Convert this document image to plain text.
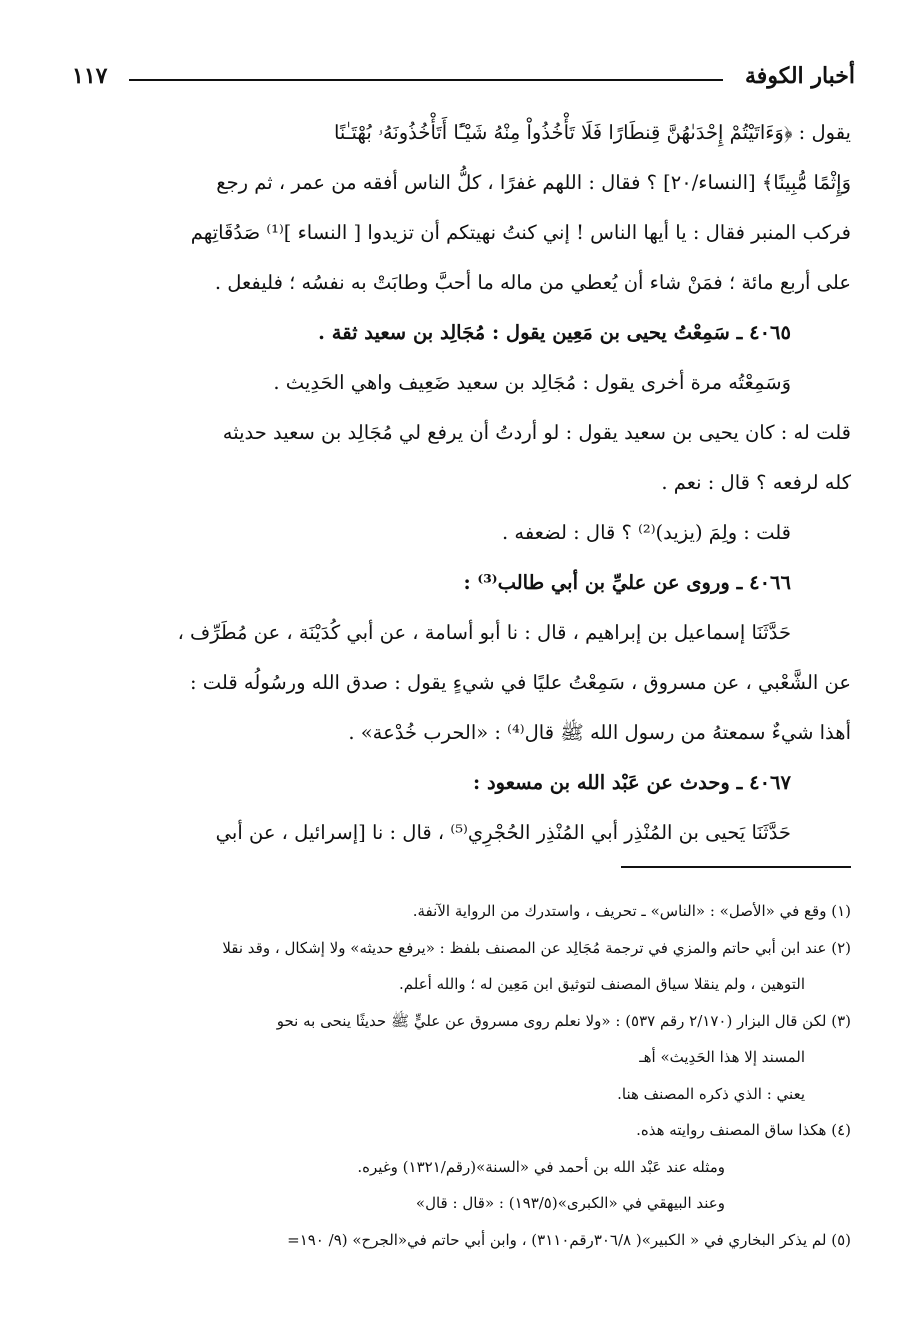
أخبار الكوفة
١١٧

يقول : ﴿وَءَاتَيْتُمْ إِحْدَىٰهُنَّ قِنطَارًا فَلَا تَأْخُذُواْ مِنْهُ شَيْـًٔا أَتَأْخُذُونَهُۥ بُهْتَـٰنًا

وَإِثْمًا مُّبِينًا﴾ [النساء/٢٠] ؟ فقال : اللهم غفرًا ، كلُّ الناس أفقه من عمر ، ثم رجع

فركب المنبر فقال : يا أيها الناس ! إني كنتُ نهيتكم أن تزيدوا [ النساء ]⁽¹⁾ صَدُقَاتِهم

على أربع مائة ؛ فمَنْ شاء أن يُعطي من ماله ما أحبَّ وطابَتْ به نفسُه ؛ فليفعل .

٤٠٦٥ ـ سَمِعْتُ يحيى بن مَعِين يقول : مُجَالِد بن سعيد ثقة .

وَسَمِعْتُه مرة أخرى يقول : مُجَالِد بن سعيد ضَعِيف واهي الحَدِيث .

قلت له : كان يحيى بن سعيد يقول : لو أردتُ أن يرفع لي مُجَالِد بن سعيد حديثه

كله لرفعه ؟ قال : نعم .

قلت : ولِمَ (يزيد)⁽²⁾ ؟ قال : لضعفه .

٤٠٦٦ ـ وروى عن عليِّ بن أبي طالب⁽³⁾ :

حَدَّثَنَا إسماعيل بن إبراهيم ، قال : نا أبو أسامة ، عن أبي كُدَيْنَة ، عن مُطَرِّف ،

عن الشَّعْبي ، عن مسروق ، سَمِعْتُ عليًا في شيءٍ يقول : صدق الله ورسُولُه قلت :

أهذا شيءٌ سمعتهُ من رسول الله ﷺ قال⁽⁴⁾ : «الحرب خُدْعة» .

٤٠٦٧ ـ وحدث عن عَبْد الله بن مسعود :

حَدَّثَنَا يَحيى بن المُنْذِر أبي المُنْذِر الحُجْرِي⁽⁵⁾ ، قال : نا [إسرائيل ، عن أبي

(١) وقع في «الأصل» : «الناس» ـ تحريف ، واستدرك من الرواية الآنفة.

(٢) عند ابن أبي حاتم والمزي في ترجمة مُجَالِد عن المصنف بلفظ : «يرفع حديثه» ولا إشكال ، وقد نقلا

التوهين ، ولم ينقلا سياق المصنف لتوثيق ابن مَعِين له ؛ والله أعلم.

(٣) لكن قال البزار (٢/١٧٠ رقم ٥٣٧) : «ولا نعلم روى مسروق عن عليٍّ ﷺ حديثًا ينحى به نحو

المسند إلا هذا الحَدِيث» أهـ

يعني : الذي ذكره المصنف هنا.

(٤) هكذا ساق المصنف روايته هذه.

ومثله عند عَبْد الله بن أحمد في «السنة»(رقم/١٣٢١) وغيره.

وعند البيهقي في «الكبرى»(١٩٣/٥) : «قال : قال»

(٥) لم يذكر البخاري في « الكبير»( ٣٠٦/٨رقم٣١١٠) ، وابن أبي حاتم في«الجرح» (٩/ ١٩٠=
